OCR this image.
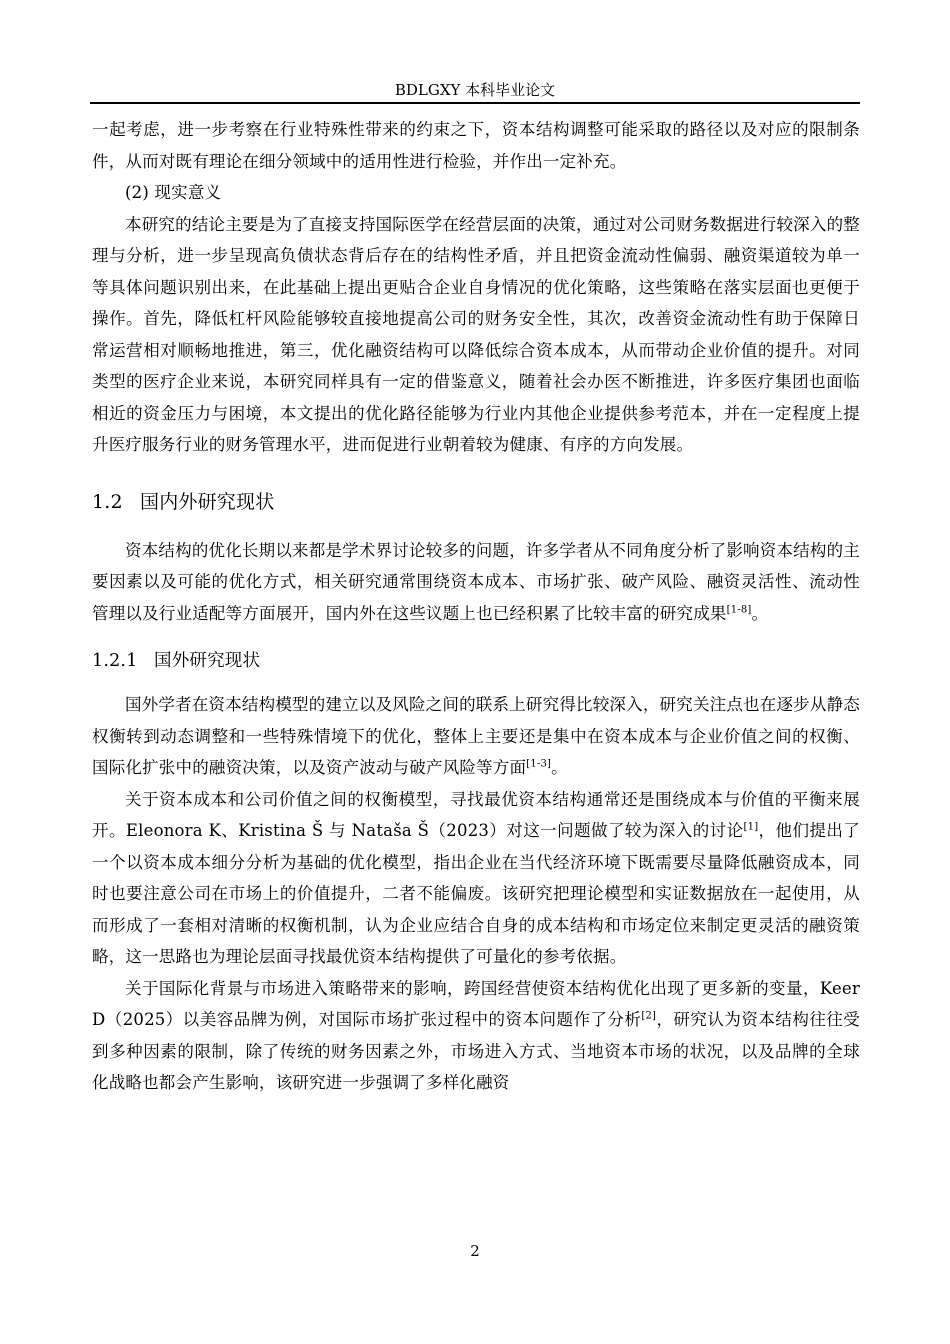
BDLGXY 本科毕业论文

一起考虑，进一步考察在行业特殊性带来的约束之下，资本结构调整可能采取的路径以及对应的限制条件，从而对既有理论在细分领域中的适用性进行检验，并作出一定补充。

(2) 现实意义

本研究的结论主要是为了直接支持国际医学在经营层面的决策，通过对公司财务数据进行较深入的整理与分析，进一步呈现高负债状态背后存在的结构性矛盾，并且把资金流动性偏弱、融资渠道较为单一等具体问题识别出来，在此基础上提出更贴合企业自身情况的优化策略，这些策略在落实层面也更便于操作。首先，降低杠杆风险能够较直接地提高公司的财务安全性，其次，改善资金流动性有助于保障日常运营相对顺畅地推进，第三，优化融资结构可以降低综合资本成本，从而带动企业价值的提升。对同类型的医疗企业来说，本研究同样具有一定的借鉴意义，随着社会办医不断推进，许多医疗集团也面临相近的资金压力与困境，本文提出的优化路径能够为行业内其他企业提供参考范本，并在一定程度上提升医疗服务行业的财务管理水平，进而促进行业朝着较为健康、有序的方向发展。

1.2 国内外研究现状

资本结构的优化长期以来都是学术界讨论较多的问题，许多学者从不同角度分析了影响资本结构的主要因素以及可能的优化方式，相关研究通常围绕资本成本、市场扩张、破产风险、融资灵活性、流动性管理以及行业适配等方面展开，国内外在这些议题上也已经积累了比较丰富的研究成果[1-8]。

1.2.1 国外研究现状

国外学者在资本结构模型的建立以及风险之间的联系上研究得比较深入，研究关注点也在逐步从静态权衡转到动态调整和一些特殊情境下的优化，整体上主要还是集中在资本成本与企业价值之间的权衡、国际化扩张中的融资决策，以及资产波动与破产风险等方面[1-3]。

关于资本成本和公司价值之间的权衡模型，寻找最优资本结构通常还是围绕成本与价值的平衡来展开。Eleonora K、Kristina Š 与 Nataša Š（2023）对这一问题做了较为深入的讨论[1]，他们提出了一个以资本成本细分分析为基础的优化模型，指出企业在当代经济环境下既需要尽量降低融资成本，同时也要注意公司在市场上的价值提升，二者不能偏废。该研究把理论模型和实证数据放在一起使用，从而形成了一套相对清晰的权衡机制，认为企业应结合自身的成本结构和市场定位来制定更灵活的融资策略，这一思路也为理论层面寻找最优资本结构提供了可量化的参考依据。

关于国际化背景与市场进入策略带来的影响，跨国经营使资本结构优化出现了更多新的变量，Keer D（2025）以美容品牌为例，对国际市场扩张过程中的资本问题作了分析[2]，研究认为资本结构往往受到多种因素的限制，除了传统的财务因素之外，市场进入方式、当地资本市场的状况，以及品牌的全球化战略也都会产生影响，该研究进一步强调了多样化融资

2
